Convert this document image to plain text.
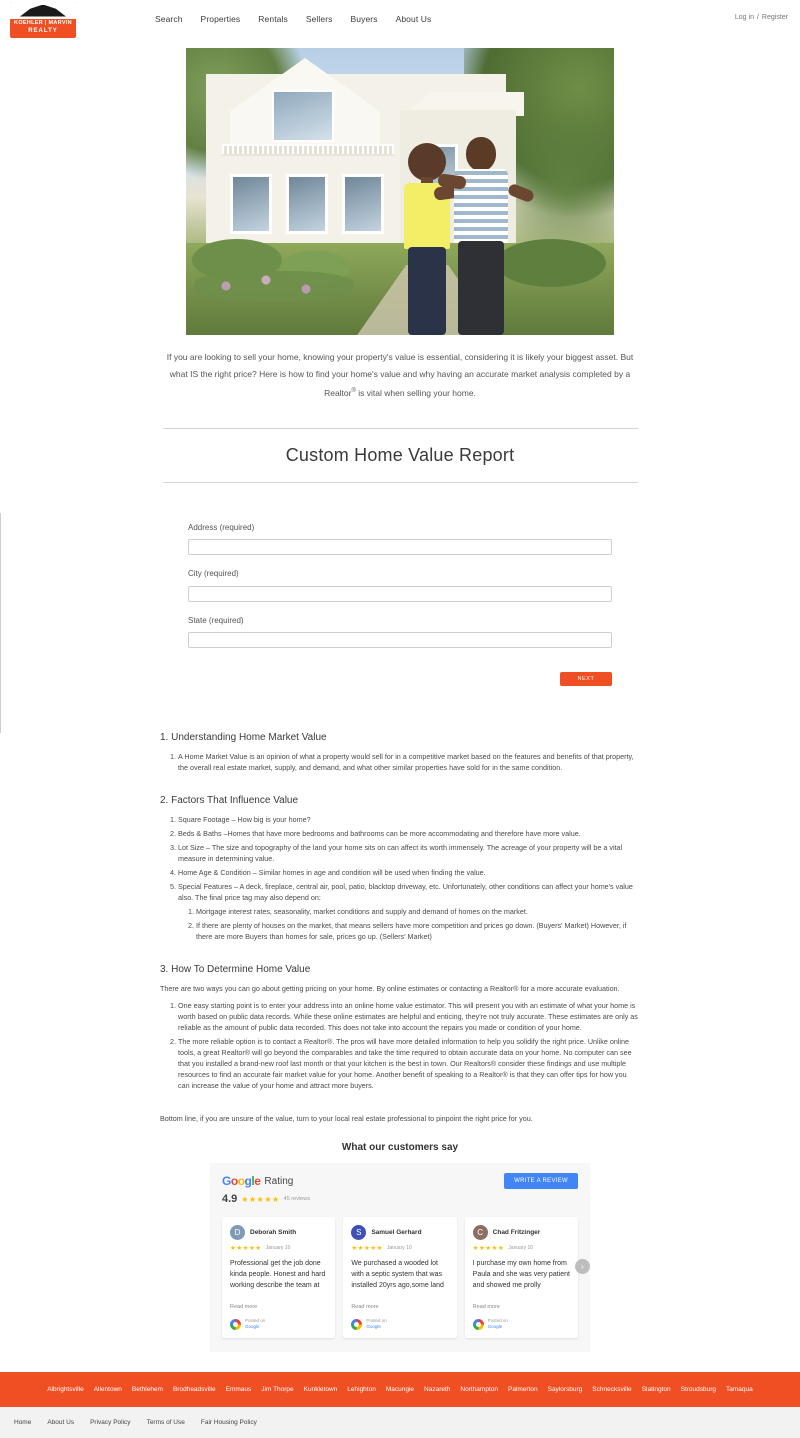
KOEHLER | MARVIN
REALTY
Search Properties Rentals Sellers Buyers About Us	Log in / Register
If you are looking to sell your home, knowing your property's value is essential, considering it is likely your biggest asset. But what IS the right price? Here is how to find your home's value and why having an accurate market analysis completed by a Realtor® is vital when selling your home.
Custom Home Value Report
Address (required)
City (required)
State (required)
NEXT
1. Understanding Home Market Value
1. A Home Market Value is an opinion of what a property would sell for in a competitive market based on the features and benefits of that property, the overall real estate market, supply, and demand, and what other similar properties have sold for in the same condition.
2. Factors That Influence Value
1. Square Footage – How big is your home?
2. Beds & Baths –Homes that have more bedrooms and bathrooms can be more accommodating and therefore have more value.
3. Lot Size – The size and topography of the land your home sits on can affect its worth immensely. The acreage of your property will be a vital measure in determining value.
4. Home Age & Condition – Similar homes in age and condition will be used when finding the value.
5. Special Features – A deck, fireplace, central air, pool, patio, blacktop driveway, etc. Unfortunately, other conditions can affect your home's value also. The final price tag may also depend on:
1. Mortgage interest rates, seasonality, market conditions and supply and demand of homes on the market.
2. If there are plenty of houses on the market, that means sellers have more competition and prices go down. (Buyers' Market) However, if there are more Buyers than homes for sale, prices go up. (Sellers' Market)
3. How To Determine Home Value

There are two ways you can go about getting pricing on your home. By online estimates or contacting a Realtor® for a more accurate evaluation.

1. One easy starting point is to enter your address into an online home value estimator. This will present you with an estimate of what your home is worth based on public data records. While these online estimates are helpful and enticing, they're not truly accurate. These estimates are only as reliable as the amount of public data recorded. This does not take into account the repairs you made or condition of your home.
2. The more reliable option is to contact a Realtor®. The pros will have more detailed information to help you solidify the right price. Unlike online tools, a great Realtor® will go beyond the comparables and take the time required to obtain accurate data on your home. No computer can see that you installed a brand-new roof last month or that your kitchen is the best in town. Our Realtors® consider these findings and use multiple resources to find an accurate fair market value for your home. Another benefit of speaking to a Realtor® is that they can offer tips for how you can increase the value of your home and attract more buyers.

Bottom line, if you are unsure of the value, turn to your local real estate professional to pinpoint the right price for you.

What our customers say
Google Rating	WRITE A REVIEW
4.9 ★★★★★ 45 reviews
D	Deborah Smith
★★★★★ January 10
Professional get the job done kinda people. Honest and hard working describe the team at
Read more
Posted on
Google
S	Samuel Gerhard
★★★★★ January 10
We purchased a wooded lot with a septic system that was installed 20yrs ago,some land
Read more
Posted on
Google
C	Chad Fritzinger
★★★★★ January 10
I purchase my own home from Paula and she was very patient and showed me prolly
Read more
Posted on
Google
›
Albrightsville Allentown Bethlehem Brodheadsville Emmaus Jim Thorpe Kunkletown Lehighton Macungie Nazareth Northampton Palmerton Saylorsburg Schnecksville Slatington Stroudsburg Tamaqua
Home About Us Privacy Policy Terms of Use Fair Housing Policy
